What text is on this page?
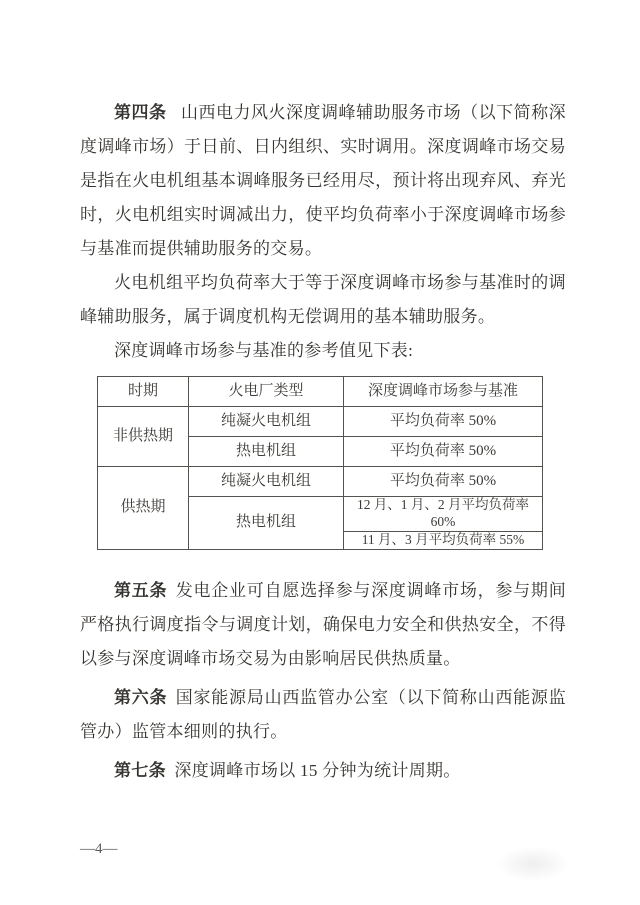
第四条 山西电力风火深度调峰辅助服务市场（以下简称深度调峰市场）于日前、日内组织、实时调用。深度调峰市场交易是指在火电机组基本调峰服务已经用尽，预计将出现弃风、弃光时，火电机组实时调减出力，使平均负荷率小于深度调峰市场参与基准而提供辅助服务的交易。

火电机组平均负荷率大于等于深度调峰市场参与基准时的调峰辅助服务，属于调度机构无偿调用的基本辅助服务。

深度调峰市场参与基准的参考值见下表:

时期	火电厂类型	深度调峰市场参与基准
非供热期	纯凝火电机组	平均负荷率 50%
	热电机组	平均负荷率 50%
供热期	纯凝火电机组	平均负荷率 50%
	热电机组	12 月、1 月、2 月平均负荷率 60%
		11 月、3 月平均负荷率 55%

第五条 发电企业可自愿选择参与深度调峰市场，参与期间严格执行调度指令与调度计划，确保电力安全和供热安全，不得以参与深度调峰市场交易为由影响居民供热质量。

第六条 国家能源局山西监管办公室（以下简称山西能源监管办）监管本细则的执行。

第七条 深度调峰市场以 15 分钟为统计周期。

—4—
